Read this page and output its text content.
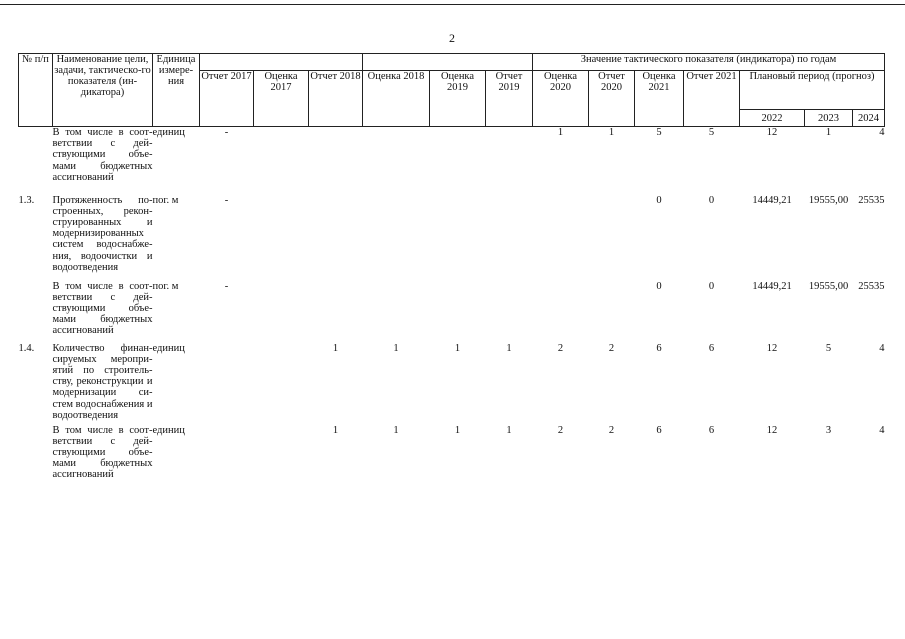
2
№ п/п	Наименование цели, задачи, тактическо-го показателя (ин-дикатора)	Единица измере-ния							Значение тактического показателя (индикатора) по годам						
			Отчет 2017	Оценка 2017	Отчет 2018	Оценка 2018	Оценка 2019	Отчет 2019	Оценка 2020	Отчет 2020	Оценка 2021	Отчет 2021	Плановый период (прогноз)		
													2022	2023	2024
	В том числе в соот-ветствии с дей-ствующими объе-мами бюджетных ассигнований	единиц	-						1	1	5	5	12	1	4
1.3.	Протяженность по-строенных, рекон-струированных и модернизированных систем водоснабже-ния, водоочистки и водоотведения	пог. м	-								0	0	14449,21	19555,00	25535
	В том числе в соот-ветствии с дей-ствующими объе-мами бюджетных ассигнований	пог. м	-								0	0	14449,21	19555,00	25535
1.4.	Количество финан-сируемых меропри-ятий по строитель-ству, реконструкции и модернизации си-стем водоснабжения и водоотведения	единиц			1	1	1	1	2	2	6	6	12	5	4
	В том числе в соот-ветствии с дей-ствующими объе-мами бюджетных ассигнований	единиц			1	1	1	1	2	2	6	6	12	3	4
